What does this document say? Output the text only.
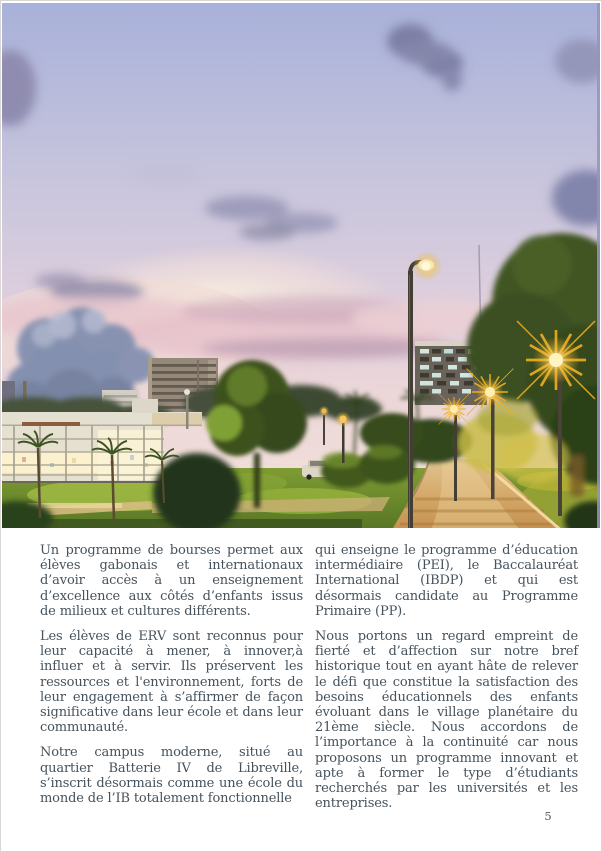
Un programme de bourses permet aux élèves gabonais et internationaux d’avoir accès à un enseignement d’excellence aux côtés d’enfants issus de milieux et cultures différents.

Les élèves de ERV sont reconnus pour leur capacité à mener, à innover,à influer et à servir. Ils préservent les ressources et l'environnement, forts de leur engagement à s’affirmer de façon significative dans leur école et dans leur communauté.

Notre campus moderne, situé au quartier Batterie IV de Libreville, s’inscrit désormais comme une école du monde de l’IB totalement fonctionnelle

qui enseigne le programme d’éducation intermédiaire (PEI), le Baccalauréat International (IBDP) et qui est désormais candidate au Programme Primaire (PP).

Nous portons un regard empreint de fierté et d’affection sur notre bref historique tout en ayant hâte de relever le défi que constitue la satisfaction des besoins éducationnels des enfants évoluant dans le village planétaire du 21ème siècle. Nous accordons de l’importance à la continuité car nous proposons un programme innovant et apte à former le type d’étudiants recherchés par les universités et les entreprises.

5
